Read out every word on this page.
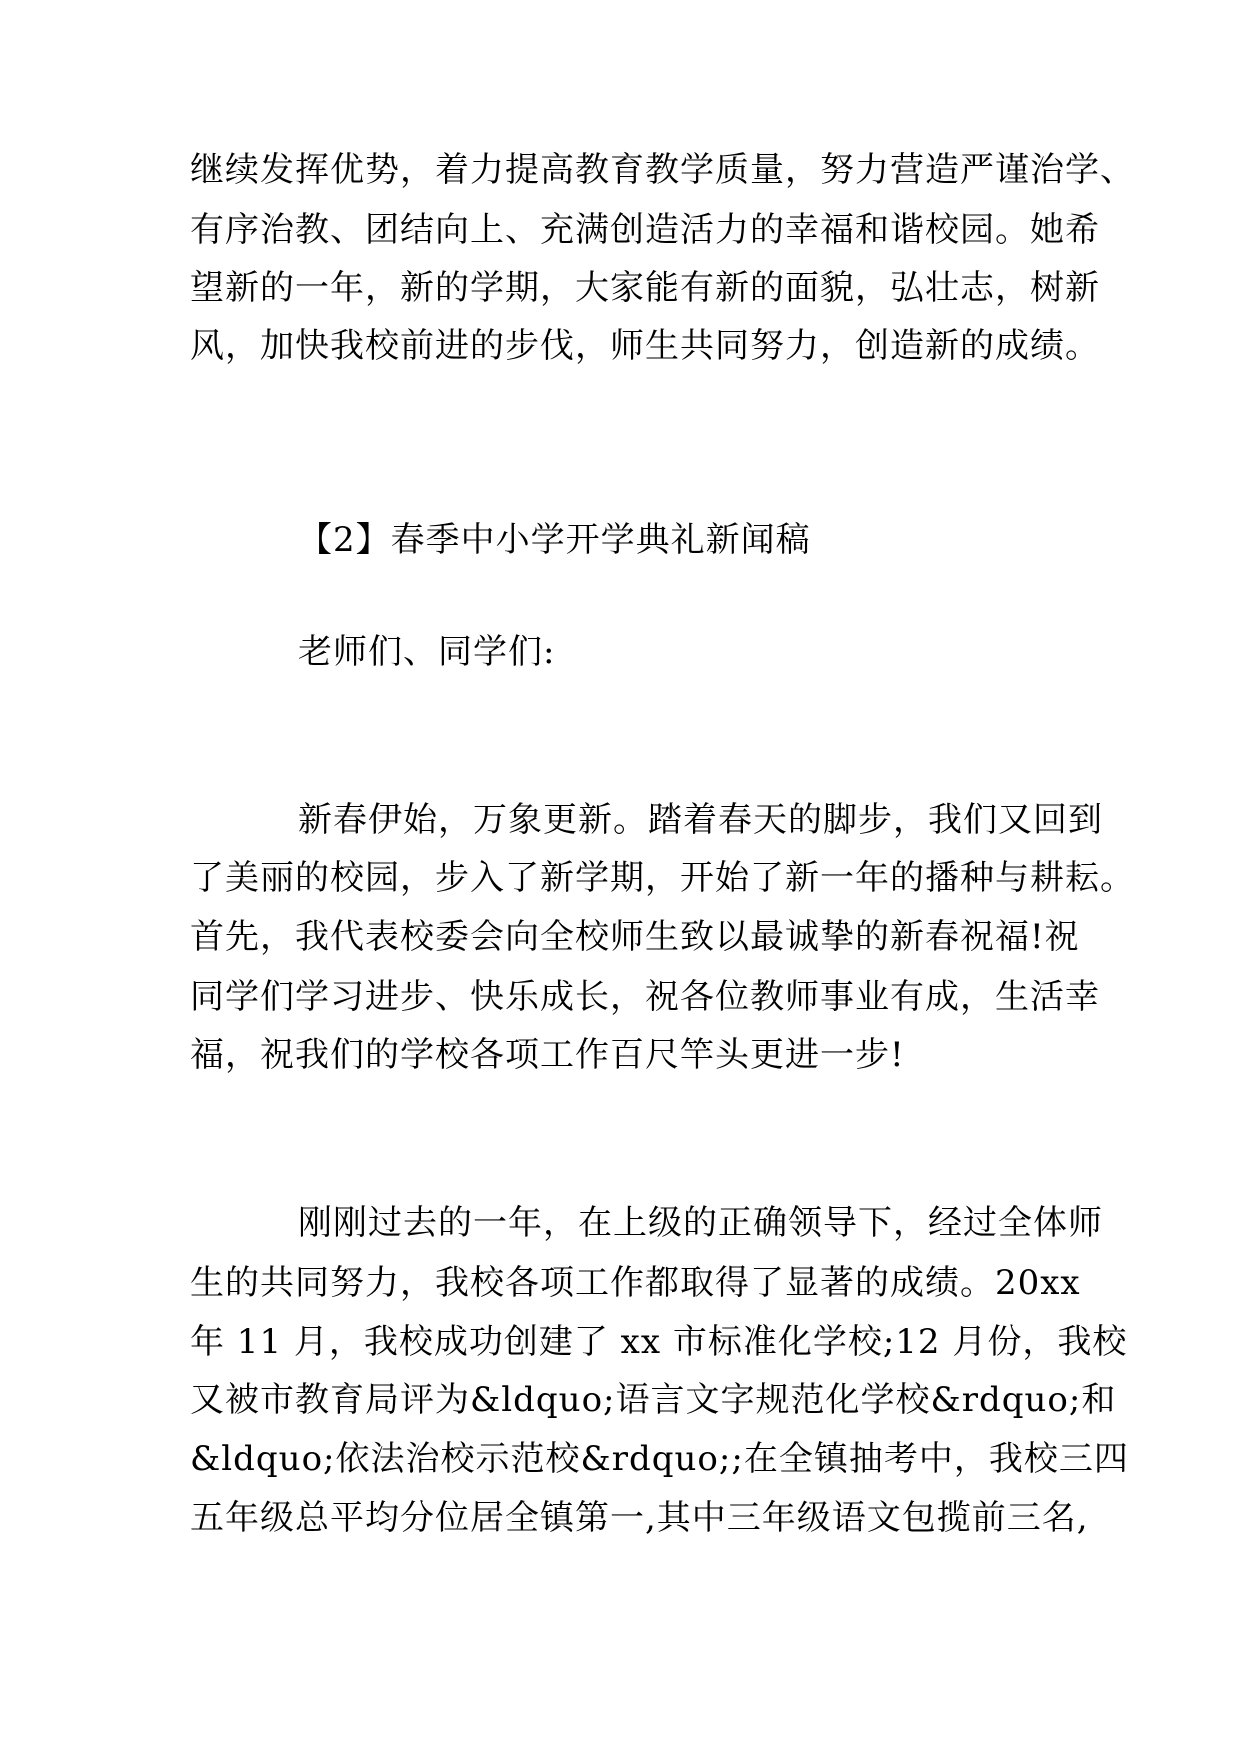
继续发挥优势，着力提高教育教学质量，努力营造严谨治学、
有序治教、团结向上、充满创造活力的幸福和谐校园。她希
望新的一年，新的学期，大家能有新的面貌，弘壮志，树新
风，加快我校前进的步伐，师生共同努力，创造新的成绩。
【2】春季中小学开学典礼新闻稿
老师们、同学们:
新春伊始，万象更新。踏着春天的脚步，我们又回到
了美丽的校园，步入了新学期，开始了新一年的播种与耕耘。
首先，我代表校委会向全校师生致以最诚挚的新春祝福!祝
同学们学习进步、快乐成长，祝各位教师事业有成，生活幸
福，祝我们的学校各项工作百尺竿头更进一步!
刚刚过去的一年，在上级的正确领导下，经过全体师
生的共同努力，我校各项工作都取得了显著的成绩。20xx
年 11 月，我校成功创建了 xx 市标准化学校;12 月份，我校
又被市教育局评为&ldquo;语言文字规范化学校&rdquo;和
&ldquo;依法治校示范校&rdquo;;在全镇抽考中，我校三四
五年级总平均分位居全镇第一,其中三年级语文包揽前三名,
